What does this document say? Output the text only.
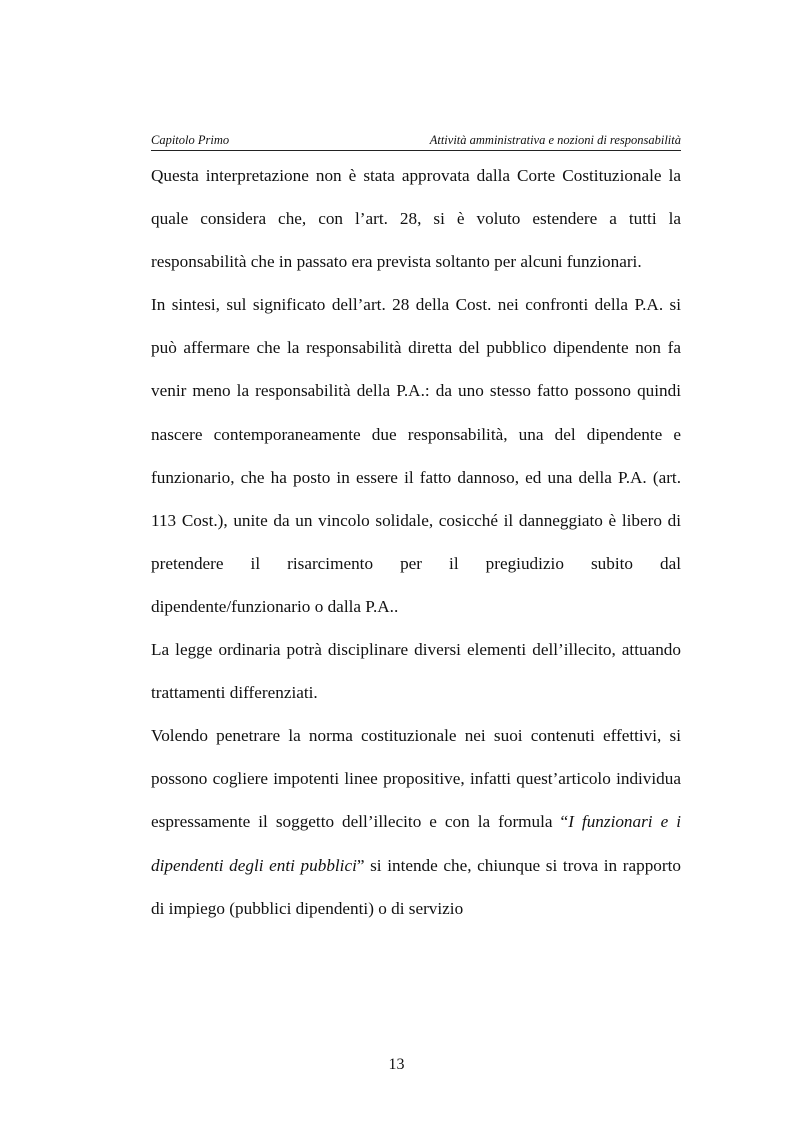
Capitolo Primo	Attività amministrativa e nozioni di responsabilità

Questa interpretazione non è stata approvata dalla Corte Costituzionale la quale considera che, con l’art. 28, si è voluto estendere a tutti la responsabilità che in passato era prevista soltanto per alcuni funzionari.

In sintesi, sul significato dell’art. 28 della Cost. nei confronti della P.A. si può affermare che la responsabilità diretta del pubblico dipendente non fa venir meno la responsabilità della P.A.: da uno stesso fatto possono quindi nascere contemporaneamente due responsabilità, una del dipendente e funzionario, che ha posto in essere il fatto dannoso, ed una della P.A. (art. 113 Cost.), unite da un vincolo solidale, cosicché il danneggiato è libero di pretendere il risarcimento per il pregiudizio subito dal dipendente/funzionario o dalla P.A..

La legge ordinaria potrà disciplinare diversi elementi dell’illecito, attuando trattamenti differenziati.

Volendo penetrare la norma costituzionale nei suoi contenuti effettivi, si possono cogliere impotenti linee propositive, infatti quest’articolo individua espressamente il soggetto dell’illecito e con la formula “I funzionari e i dipendenti degli enti pubblici” si intende che, chiunque si trova in rapporto di impiego (pubblici dipendenti) o di servizio

13
